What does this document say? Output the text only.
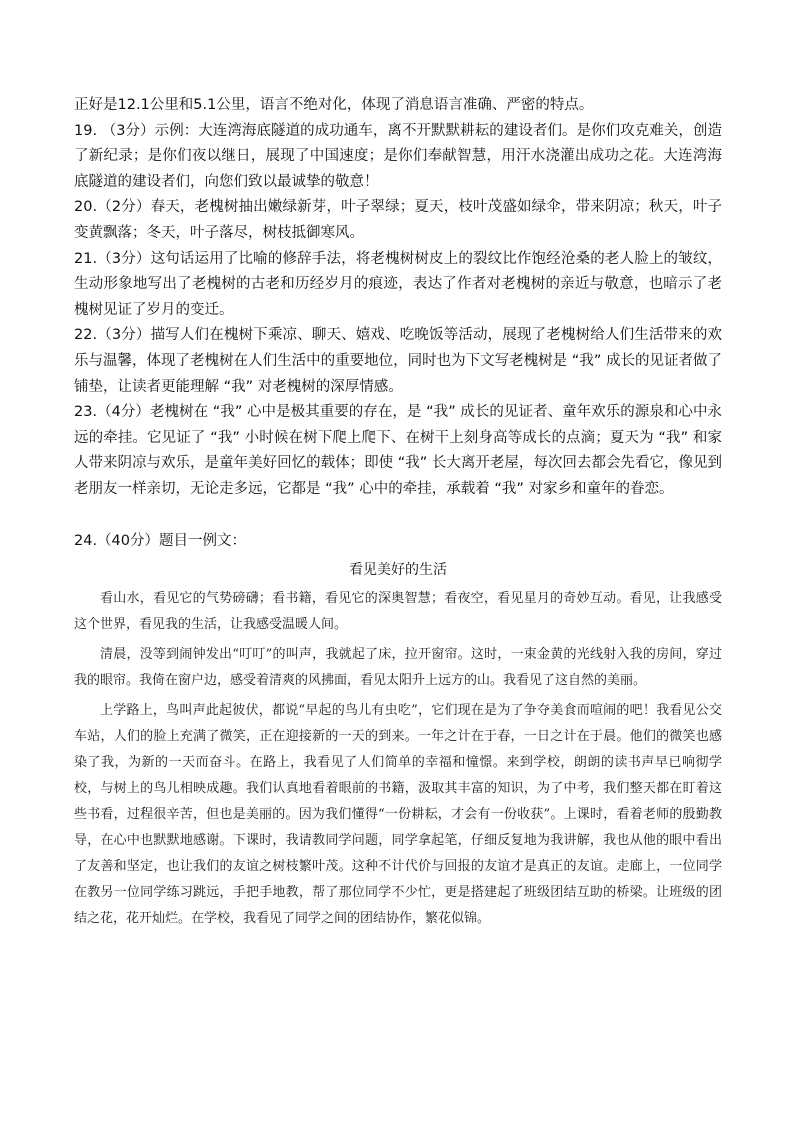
正好是12.1公里和5.1公里，语言不绝对化，体现了消息语言准确、严密的特点。

19. （3分）示例：大连湾海底隧道的成功通车，离不开默默耕耘的建设者们。是你们攻克难关，创造了新纪录；是你们夜以继日，展现了中国速度；是你们奉献智慧，用汗水浇灌出成功之花。大连湾海底隧道的建设者们，向您们致以最诚挚的敬意！

20.（2分）春天，老槐树抽出嫩绿新芽，叶子翠绿；夏天，枝叶茂盛如绿伞，带来阴凉；秋天，叶子变黄飘落；冬天，叶子落尽，树枝抵御寒风。

21.（3分）这句话运用了比喻的修辞手法，将老槐树树皮上的裂纹比作饱经沧桑的老人脸上的皱纹，生动形象地写出了老槐树的古老和历经岁月的痕迹，表达了作者对老槐树的亲近与敬意，也暗示了老槐树见证了岁月的变迁。

22.（3分）描写人们在槐树下乘凉、聊天、嬉戏、吃晚饭等活动，展现了老槐树给人们生活带来的欢乐与温馨，体现了老槐树在人们生活中的重要地位，同时也为下文写老槐树是 “我” 成长的见证者做了铺垫，让读者更能理解 “我” 对老槐树的深厚情感。

23.（4分）老槐树在 “我” 心中是极其重要的存在，是 “我” 成长的见证者、童年欢乐的源泉和心中永远的牵挂。它见证了 “我” 小时候在树下爬上爬下、在树干上刻身高等成长的点滴；夏天为 “我” 和家人带来阴凉与欢乐，是童年美好回忆的载体；即使 “我” 长大离开老屋，每次回去都会先看它，像见到老朋友一样亲切，无论走多远，它都是 “我” 心中的牵挂，承载着 “我” 对家乡和童年的眷恋。

24.（40分）题目一例文：
看见美好的生活

看山水，看见它的气势磅礴；看书籍，看见它的深奥智慧；看夜空，看见星月的奇妙互动。看见，让我感受这个世界，看见我的生活，让我感受温暖人间。

清晨，没等到闹钟发出“叮叮”的叫声，我就起了床，拉开窗帘。这时，一束金黄的光线射入我的房间，穿过我的眼帘。我倚在窗户边，感受着清爽的风拂面，看见太阳升上远方的山。我看见了这自然的美丽。

上学路上，鸟叫声此起彼伏，都说“早起的鸟儿有虫吃”，它们现在是为了争夺美食而喧闹的吧！我看见公交车站，人们的脸上充满了微笑，正在迎接新的一天的到来。一年之计在于春，一日之计在于晨。他们的微笑也感染了我，为新的一天而奋斗。在路上，我看见了人们简单的幸福和憧憬。来到学校，朗朗的读书声早已响彻学校，与树上的鸟儿相映成趣。我们认真地看着眼前的书籍，汲取其丰富的知识，为了中考，我们整天都在盯着这些书看，过程很辛苦，但也是美丽的。因为我们懂得“一份耕耘，才会有一份收获”。上课时，看着老师的殷勤教导，在心中也默默地感谢。下课时，我请教同学问题，同学拿起笔，仔细反复地为我讲解，我也从他的眼中看出了友善和坚定，也让我们的友谊之树枝繁叶茂。这种不计代价与回报的友谊才是真正的友谊。走廊上，一位同学在教另一位同学练习跳远，手把手地教，帮了那位同学不少忙，更是搭建起了班级团结互助的桥梁。让班级的团结之花，花开灿烂。在学校，我看见了同学之间的团结协作，繁花似锦。
